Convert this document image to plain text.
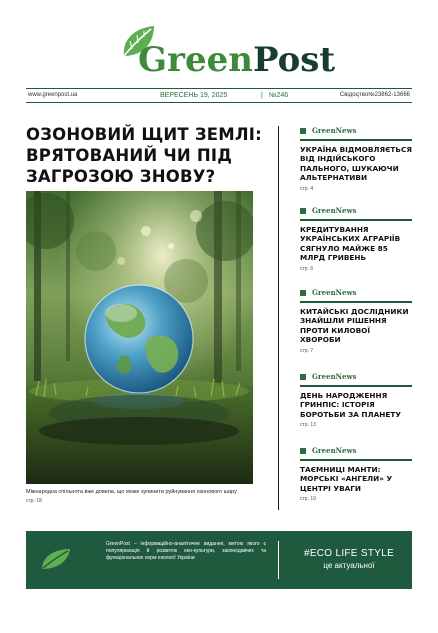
GreenPost
www.greenpost.ua	ВЕРЕСЕНЬ 19, 2025	| №246	Свідоцтво№23862-13666
ОЗОНОВИЙ ЩИТ ЗЕМЛІ: ВРЯТОВАНИЙ ЧИ ПІД ЗАГРОЗОЮ ЗНОВУ?
Міжнародна спільнота вже довела, що може зупинити руйнування озонового шару
стр. 18
GreenNews
УКРАЇНА ВІДМОВЛЯЄТЬСЯ ВІД ІНДІЙСЬКОГО ПАЛЬНОГО, ШУКАЮЧИ АЛЬТЕРНАТИВИ
стр. 4
GreenNews
КРЕДИТУВАННЯ УКРАЇНСЬКИХ АГРАРІЇВ СЯГНУЛО МАЙЖЕ 85 МЛРД ГРИВЕНЬ
стр. 6
GreenNews
КИТАЙСЬКІ ДОСЛІДНИКИ ЗНАЙШЛИ РІШЕННЯ ПРОТИ КИЛОВОЇ ХВОРОБИ
стр. 7
GreenNews
ДЕНЬ НАРОДЖЕННЯ ГРИНПІС: ІСТОРІЯ БОРОТЬБИ ЗА ПЛАНЕТУ
стр. 13
GreenNews
ТАЄМНИЦІ МАНТИ: МОРСЬКІ «АНГЕЛИ» У ЦЕНТРІ УВАГИ
стр. 19
GreenPost – інформаційно-аналітичне видання, метою якого є популяризація й розвиток еко-культури, законодавчих та функціональних норм екології України	#ECO LIFE STYLE
це актуальної
